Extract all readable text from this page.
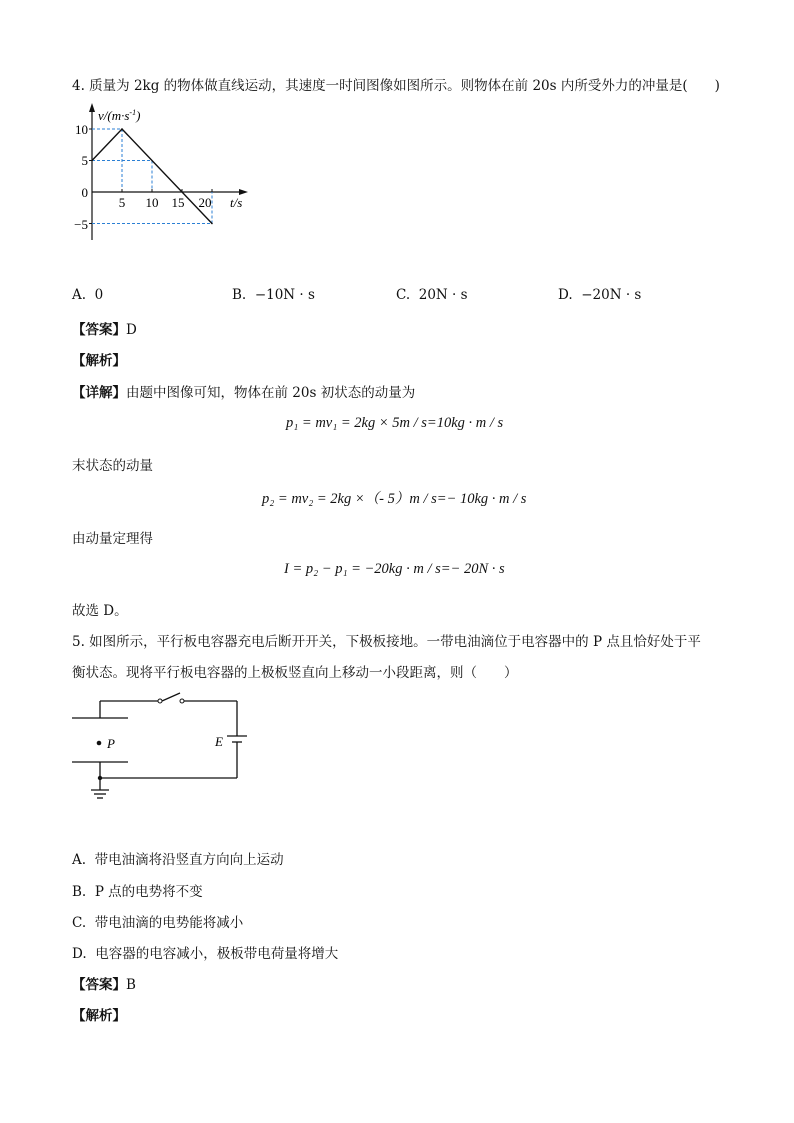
4. 质量为 2kg 的物体做直线运动，其速度一时间图像如图所示。则物体在前 20s 内所受外力的冲量是(　　)
$v/(m\cdot s^{-1})$
t/s
10
5
0
−5
5 10 15 20
A. 0	B. −10N · s	C. 20N · s	D. −20N · s
【答案】D
【解析】
【详解】由题中图像可知，物体在前 20s 初状态的动量为
p₁ = mv₁ = 2kg × 5m / s=10kg · m / s
末状态的动量
p₂ = mv₂ = 2kg ×（- 5）m / s=− 10kg · m / s
由动量定理得
I = p₂ − p₁ = −20kg · m / s=− 20N · s
故选 D。
5. 如图所示，平行板电容器充电后断开开关，下极板接地。一带电油滴位于电容器中的 P 点且恰好处于平
衡状态。现将平行板电容器的上极板竖直向上移动一小段距离，则（　　）
P	E
A. 带电油滴将沿竖直方向向上运动
B. P 点的电势将不变
C. 带电油滴的电势能将减小
D. 电容器的电容减小，极板带电荷量将增大
【答案】B
【解析】
